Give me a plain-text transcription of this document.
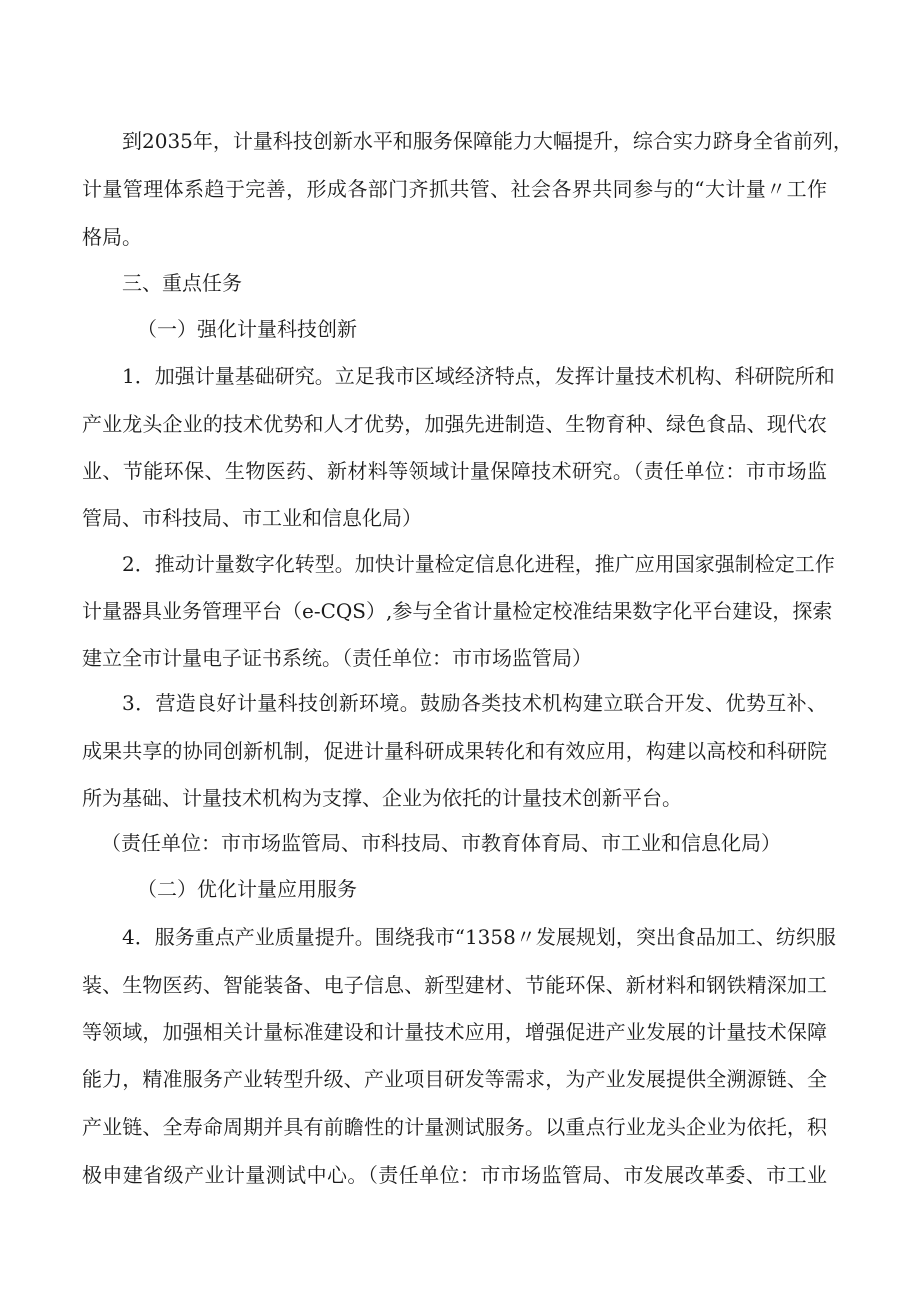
到2035年，计量科技创新水平和服务保障能力大幅提升，综合实力跻身全省前列，
计量管理体系趋于完善，形成各部门齐抓共管、社会各界共同参与的“大计量〃工作
格局。
三、重点任务
（一）强化计量科技创新
1．加强计量基础研究。立足我市区域经济特点，发挥计量技术机构、科研院所和
产业龙头企业的技术优势和人才优势，加强先进制造、生物育种、绿色食品、现代农
业、节能环保、生物医药、新材料等领域计量保障技术研究。（责任单位：市市场监
管局、市科技局、市工业和信息化局）
2．推动计量数字化转型。加快计量检定信息化进程，推广应用国家强制检定工作
计量器具业务管理平台（e-CQS）,参与全省计量检定校准结果数字化平台建设，探索
建立全市计量电子证书系统。（责任单位：市市场监管局）
3．营造良好计量科技创新环境。鼓励各类技术机构建立联合开发、优势互补、
成果共享的协同创新机制，促进计量科研成果转化和有效应用，构建以高校和科研院
所为基础、计量技术机构为支撑、企业为依托的计量技术创新平台。
（责任单位：市市场监管局、市科技局、市教育体育局、市工业和信息化局）
（二）优化计量应用服务
4．服务重点产业质量提升。围绕我市“1358〃发展规划，突出食品加工、纺织服
装、生物医药、智能装备、电子信息、新型建材、节能环保、新材料和钢铁精深加工
等领域，加强相关计量标准建设和计量技术应用，增强促进产业发展的计量技术保障
能力，精准服务产业转型升级、产业项目研发等需求，为产业发展提供全溯源链、全
产业链、全寿命周期并具有前瞻性的计量测试服务。以重点行业龙头企业为依托，积
极申建省级产业计量测试中心。（责任单位：市市场监管局、市发展改革委、市工业
